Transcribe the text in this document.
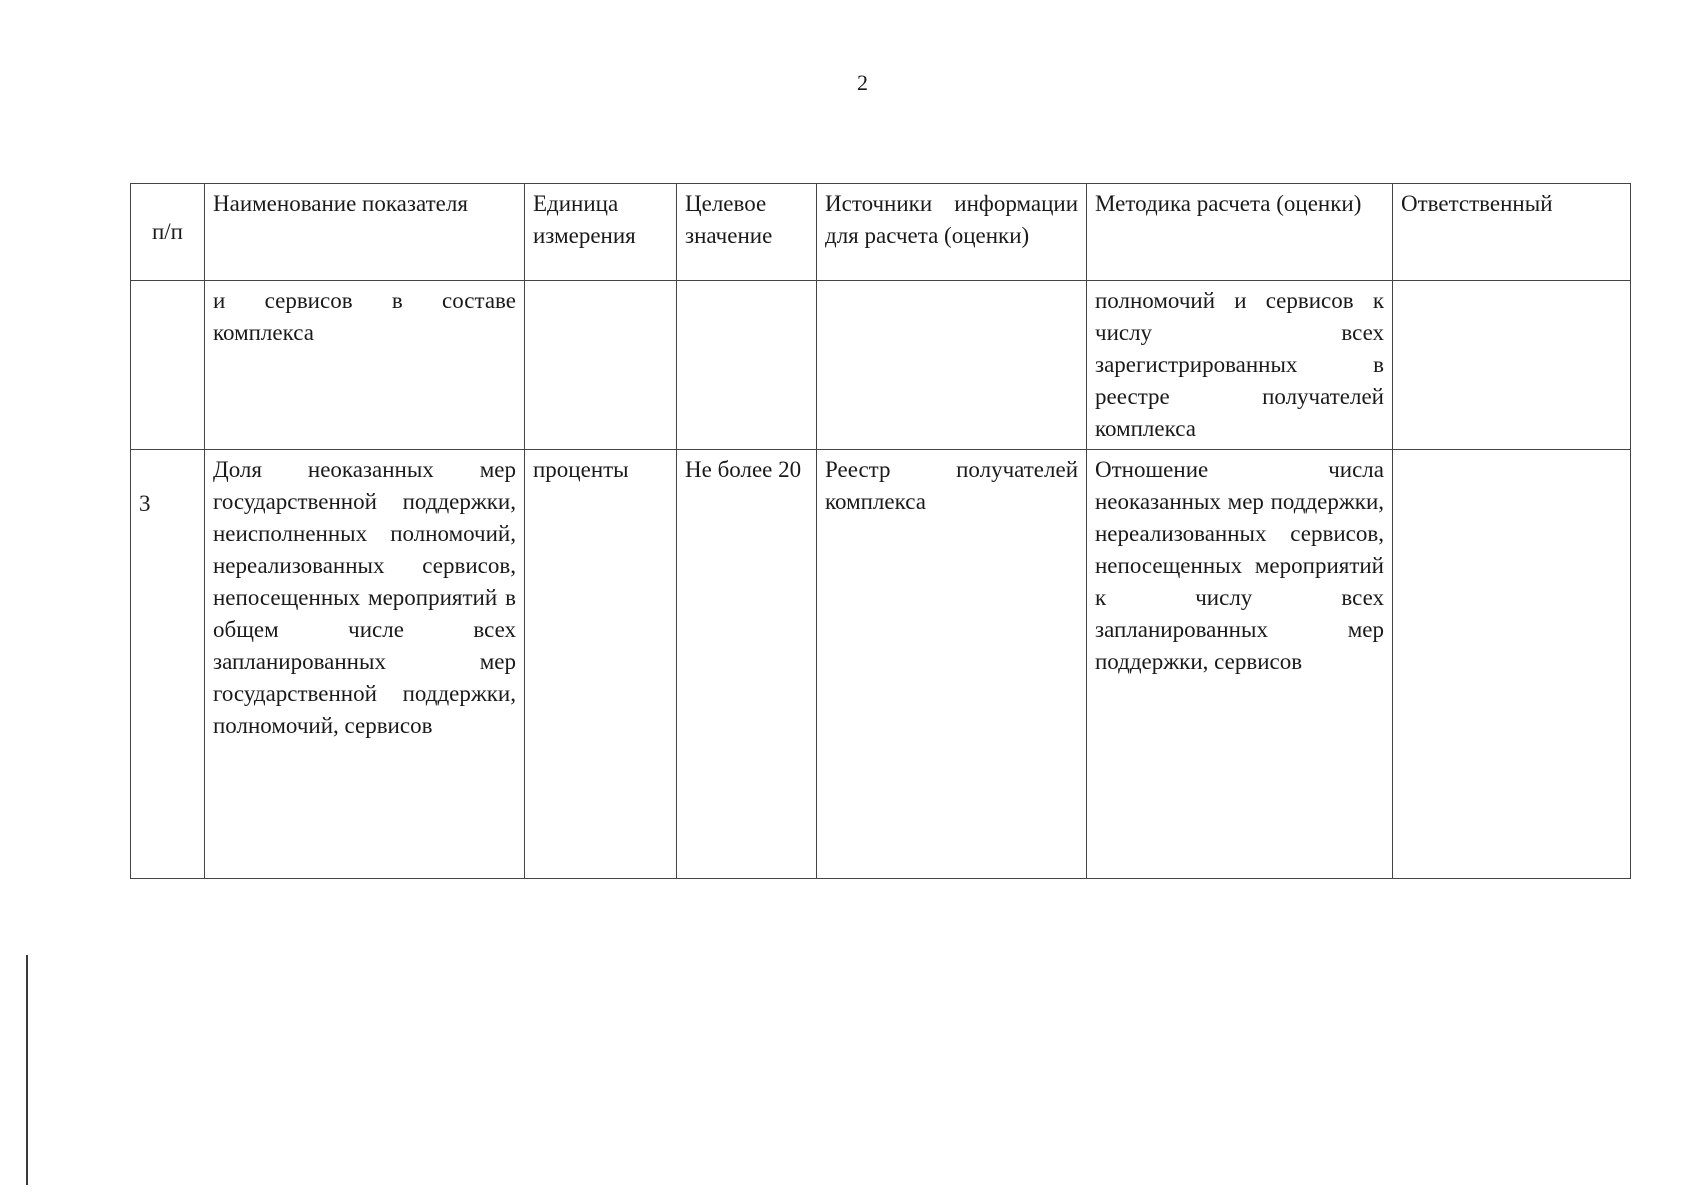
2
п/п	Наименование показателя	Единица измерения	Целевое значение	Источники информации для расчета (оценки)	Методика расчета (оценки)	Ответственный
	и сервисов в составе комплекса				полномочий и сервисов к числу всех зарегистрированных в реестре получателей комплекса	

3	Доля неоказанных мер государственной поддержки, неисполненных полномочий, нереализованных сервисов, непосещенных мероприятий в общем числе всех запланированных мер государственной поддержки, полномочий, сервисов	проценты	Не более 20	Реестр получателей комплекса	Отношение числа неоказанных мер поддержки, нереализованных сервисов, непосещенных мероприятий к числу всех запланированных мер поддержки, сервисов	
